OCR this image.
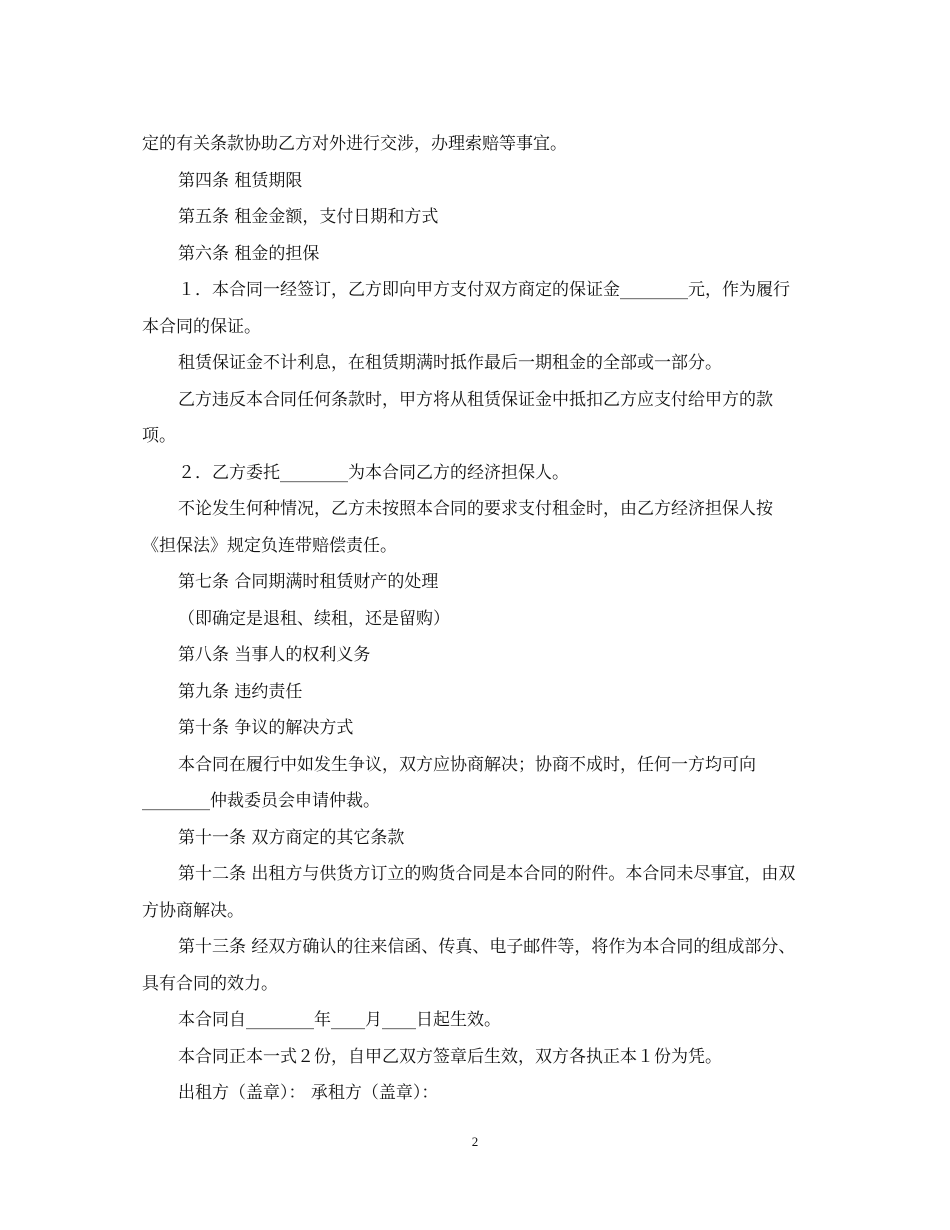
定的有关条款协助乙方对外进行交涉，办理索赔等事宜。

第四条 租赁期限

第五条 租金金额，支付日期和方式

第六条 租金的担保

１．本合同一经签订，乙方即向甲方支付双方商定的保证金________元，作为履行本合同的保证。

租赁保证金不计利息，在租赁期满时抵作最后一期租金的全部或一部分。

乙方违反本合同任何条款时，甲方将从租赁保证金中抵扣乙方应支付给甲方的款项。

２．乙方委托________为本合同乙方的经济担保人。

不论发生何种情况，乙方未按照本合同的要求支付租金时，由乙方经济担保人按《担保法》规定负连带赔偿责任。

第七条 合同期满时租赁财产的处理

（即确定是退租、续租，还是留购）

第八条 当事人的权利义务

第九条 违约责任

第十条 争议的解决方式

本合同在履行中如发生争议，双方应协商解决；协商不成时，任何一方均可向________仲裁委员会申请仲裁。

第十一条 双方商定的其它条款

第十二条 出租方与供货方订立的购货合同是本合同的附件。本合同未尽事宜，由双方协商解决。

第十三条 经双方确认的往来信函、传真、电子邮件等，将作为本合同的组成部分、具有合同的效力。

本合同自________年____月____日起生效。

本合同正本一式２份，自甲乙双方签章后生效，双方各执正本１份为凭。

出租方（盖章）： 承租方（盖章）：

2
